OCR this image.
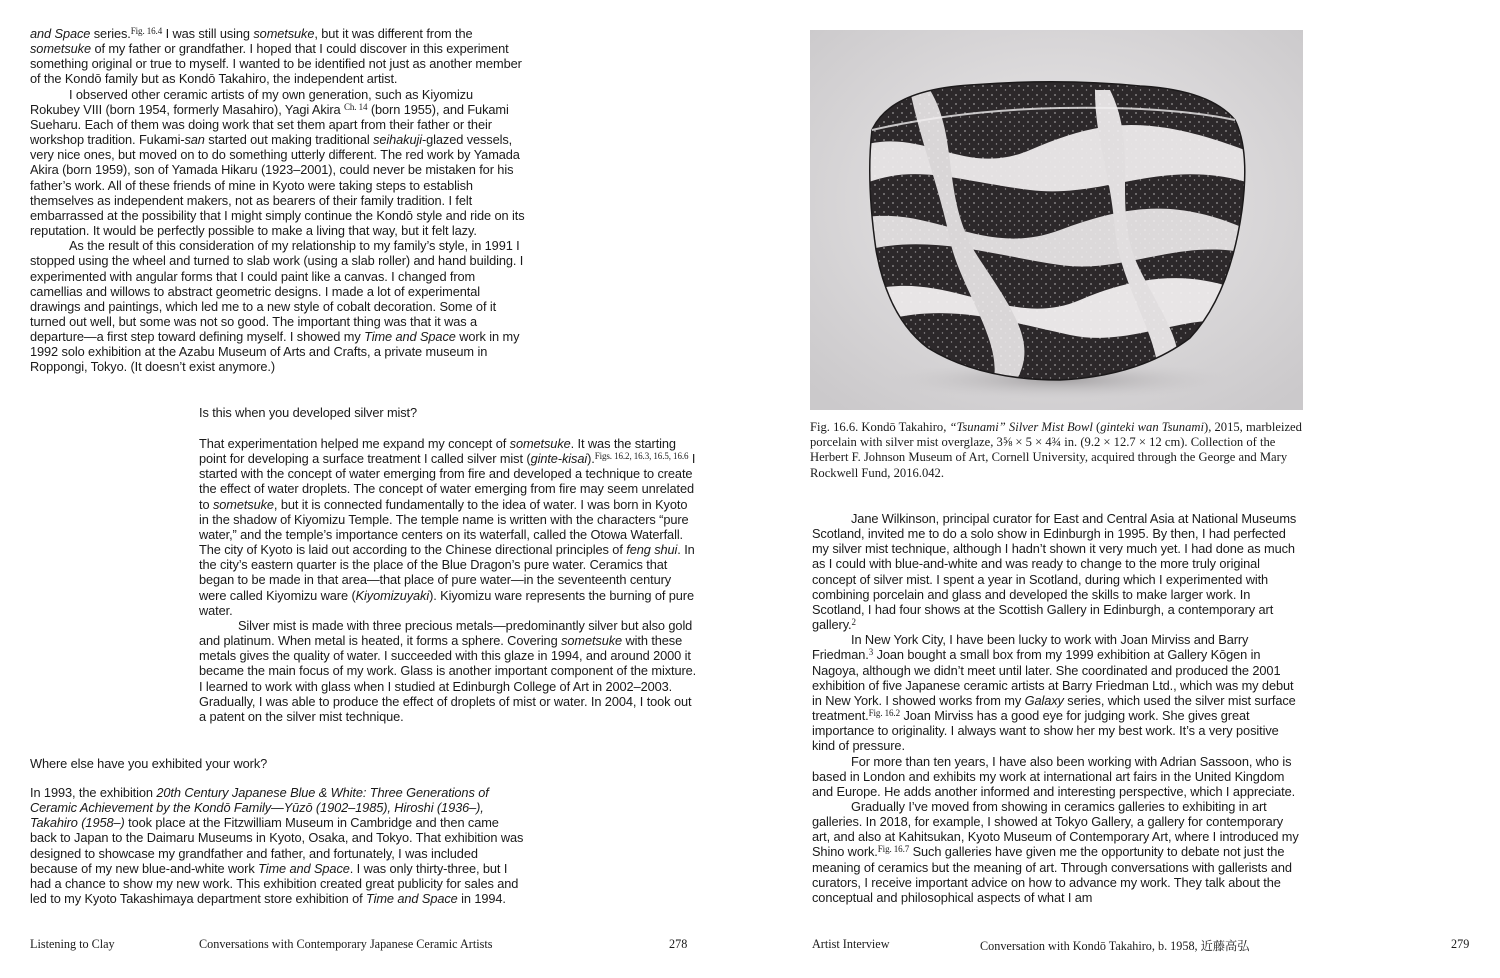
and Space series.$^{Fig. 16.4}$ I was still using sometsuke, but it was different from the sometsuke of my father or grandfather. I hoped that I could discover in this experiment something original or true to myself. I wanted to be identified not just as another member of the Kondō family but as Kondō Takahiro, the independent artist.

I observed other ceramic artists of my own generation, such as Kiyomizu Rokubey VIII (born 1954, formerly Masahiro), Yagi Akira $^{Ch. 14}$ (born 1955), and Fukami Sueharu. Each of them was doing work that set them apart from their father or their workshop tradition. Fukami-san started out making traditional seihakuji-glazed vessels, very nice ones, but moved on to do something utterly different. The red work by Yamada Akira (born 1959), son of Yamada Hikaru (1923–2001), could never be mistaken for his father’s work. All of these friends of mine in Kyoto were taking steps to establish themselves as independent makers, not as bearers of their family tradition. I felt embarrassed at the possibility that I might simply continue the Kondō style and ride on its reputation. It would be perfectly possible to make a living that way, but it felt lazy.

As the result of this consideration of my relationship to my family’s style, in 1991 I stopped using the wheel and turned to slab work (using a slab roller) and hand building. I experimented with angular forms that I could paint like a canvas. I changed from camellias and willows to abstract geometric designs. I made a lot of experimental drawings and paintings, which led me to a new style of cobalt decoration. Some of it turned out well, but some was not so good. The important thing was that it was a departure—a first step toward defining myself. I showed my Time and Space work in my 1992 solo exhibition at the Azabu Museum of Arts and Crafts, a private museum in Roppongi, Tokyo. (It doesn’t exist anymore.)

Is this when you developed silver mist?

That experimentation helped me expand my concept of sometsuke. It was the starting point for developing a surface treatment I called silver mist (ginte-kisai).$^{Figs. 16.2, 16.3, 16.5, 16.6}$ I started with the concept of water emerging from fire and developed a technique to create the effect of water droplets. The concept of water emerging from fire may seem unrelated to sometsuke, but it is connected fundamentally to the idea of water. I was born in Kyoto in the shadow of Kiyomizu Temple. The temple name is written with the characters “pure water,” and the temple’s importance centers on its waterfall, called the Otowa Waterfall. The city of Kyoto is laid out according to the Chinese directional principles of feng shui. In the city’s eastern quarter is the place of the Blue Dragon’s pure water. Ceramics that began to be made in that area—that place of pure water—in the seventeenth century were called Kiyomizu ware (Kiyomizuyaki). Kiyomizu ware represents the burning of pure water.

Silver mist is made with three precious metals—predominantly silver but also gold and platinum. When metal is heated, it forms a sphere. Covering sometsuke with these metals gives the quality of water. I succeeded with this glaze in 1994, and around 2000 it became the main focus of my work. Glass is another important component of the mixture. I learned to work with glass when I studied at Edinburgh College of Art in 2002–2003. Gradually, I was able to produce the effect of droplets of mist or water. In 2004, I took out a patent on the silver mist technique.

Where else have you exhibited your work?

In 1993, the exhibition 20th Century Japanese Blue & White: Three Generations of Ceramic Achievement by the Kondō Family—Yūzō (1902–1985), Hiroshi (1936–), Takahiro (1958–) took place at the Fitzwilliam Museum in Cambridge and then came back to Japan to the Daimaru Museums in Kyoto, Osaka, and Tokyo. That exhibition was designed to showcase my grandfather and father, and fortunately, I was included because of my new blue-and-white work Time and Space. I was only thirty-three, but I had a chance to show my new work. This exhibition created great publicity for sales and led to my Kyoto Takashimaya department store exhibition of Time and Space in 1994.

Listening to Clay	Conversations with Contemporary Japanese Ceramic Artists	278
Fig. 16.6. Kondō Takahiro, “Tsunami” Silver Mist Bowl (ginteki wan Tsunami), 2015, marbleized porcelain with silver mist overglaze, 3⅝ × 5 × 4¾ in. (9.2 × 12.7 × 12 cm). Collection of the Herbert F. Johnson Museum of Art, Cornell University, acquired through the George and Mary Rockwell Fund, 2016.042.

Jane Wilkinson, principal curator for East and Central Asia at National Museums Scotland, invited me to do a solo show in Edinburgh in 1995. By then, I had perfected my silver mist technique, although I hadn’t shown it very much yet. I had done as much as I could with blue-and-white and was ready to change to the more truly original concept of silver mist. I spent a year in Scotland, during which I experimented with combining porcelain and glass and developed the skills to make larger work. In Scotland, I had four shows at the Scottish Gallery in Edinburgh, a contemporary art gallery.$^2$

In New York City, I have been lucky to work with Joan Mirviss and Barry Friedman.$^3$ Joan bought a small box from my 1999 exhibition at Gallery Kōgen in Nagoya, although we didn’t meet until later. She coordinated and produced the 2001 exhibition of five Japanese ceramic artists at Barry Friedman Ltd., which was my debut in New York. I showed works from my Galaxy series, which used the silver mist surface treatment.$^{Fig. 16.2}$ Joan Mirviss has a good eye for judging work. She gives great importance to originality. I always want to show her my best work. It’s a very positive kind of pressure.

For more than ten years, I have also been working with Adrian Sassoon, who is based in London and exhibits my work at international art fairs in the United Kingdom and Europe. He adds another informed and interesting perspective, which I appreciate.

Gradually I’ve moved from showing in ceramics galleries to exhibiting in art galleries. In 2018, for example, I showed at Tokyo Gallery, a gallery for contemporary art, and also at Kahitsukan, Kyoto Museum of Contemporary Art, where I introduced my Shino work.$^{Fig. 16.7}$ Such galleries have given me the opportunity to debate not just the meaning of ceramics but the meaning of art. Through conversations with gallerists and curators, I receive important advice on how to advance my work. They talk about the conceptual and philosophical aspects of what I am

Artist Interview	Conversation with Kondō Takahiro, b. 1958, 近藤高弘	279
